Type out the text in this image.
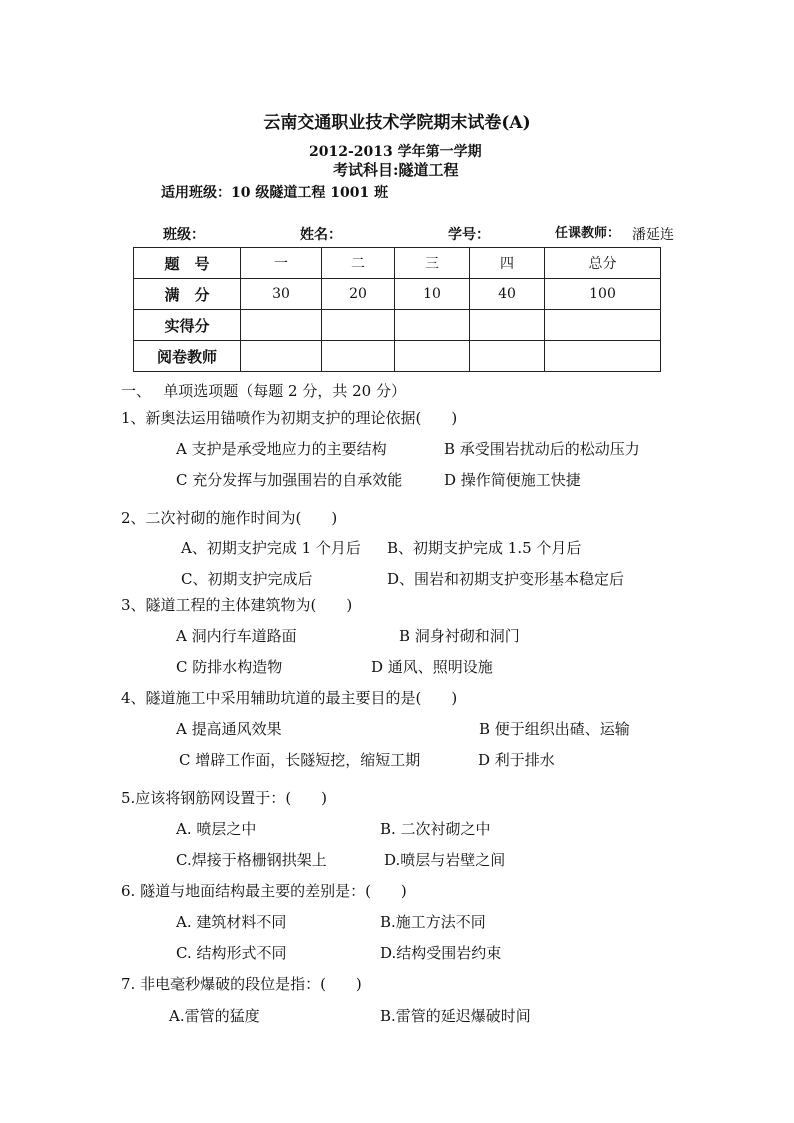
云南交通职业技术学院期末试卷(A)
2012-2013 学年第一学期
考试科目:隧道工程
适用班级：10 级隧道工程 1001 班
班级：	姓名：	学号：	任课教师： 潘延连
题　号	一	二	三	四	总分
满　分	30	20	10	40	100
实得分					
阅卷教师					
一、　 单项选项题（每题 2 分，共 20 分）
1、新奥法运用锚喷作为初期支护的理论依据(　　)
A 支护是承受地应力的主要结构	B 承受围岩扰动后的松动压力
C 充分发挥与加强围岩的自承效能	D 操作简便施工快捷
2、二次衬砌的施作时间为(　　)
A、初期支护完成 1 个月后 B、初期支护完成 1.5 个月后
C、初期支护完成后	D、围岩和初期支护变形基本稳定后
3、隧道工程的主体建筑物为(　　)
A 洞内行车道路面	B 洞身衬砌和洞门
C 防排水构造物	D 通风、照明设施
4、隧道施工中采用辅助坑道的最主要目的是(　　)
A 提高通风效果	B 便于组织出碴、运输
C 增辟工作面，长隧短挖，缩短工期	D 利于排水
5.应该将钢筋网设置于：(　　)
A. 喷层之中	B. 二次衬砌之中
C.焊接于格栅钢拱架上	D.喷层与岩壁之间
6. 隧道与地面结构最主要的差别是：(　　)
A. 建筑材料不同	B.施工方法不同
C. 结构形式不同	D.结构受围岩约束
7. 非电毫秒爆破的段位是指：(　　)
A.雷管的猛度	B.雷管的延迟爆破时间
